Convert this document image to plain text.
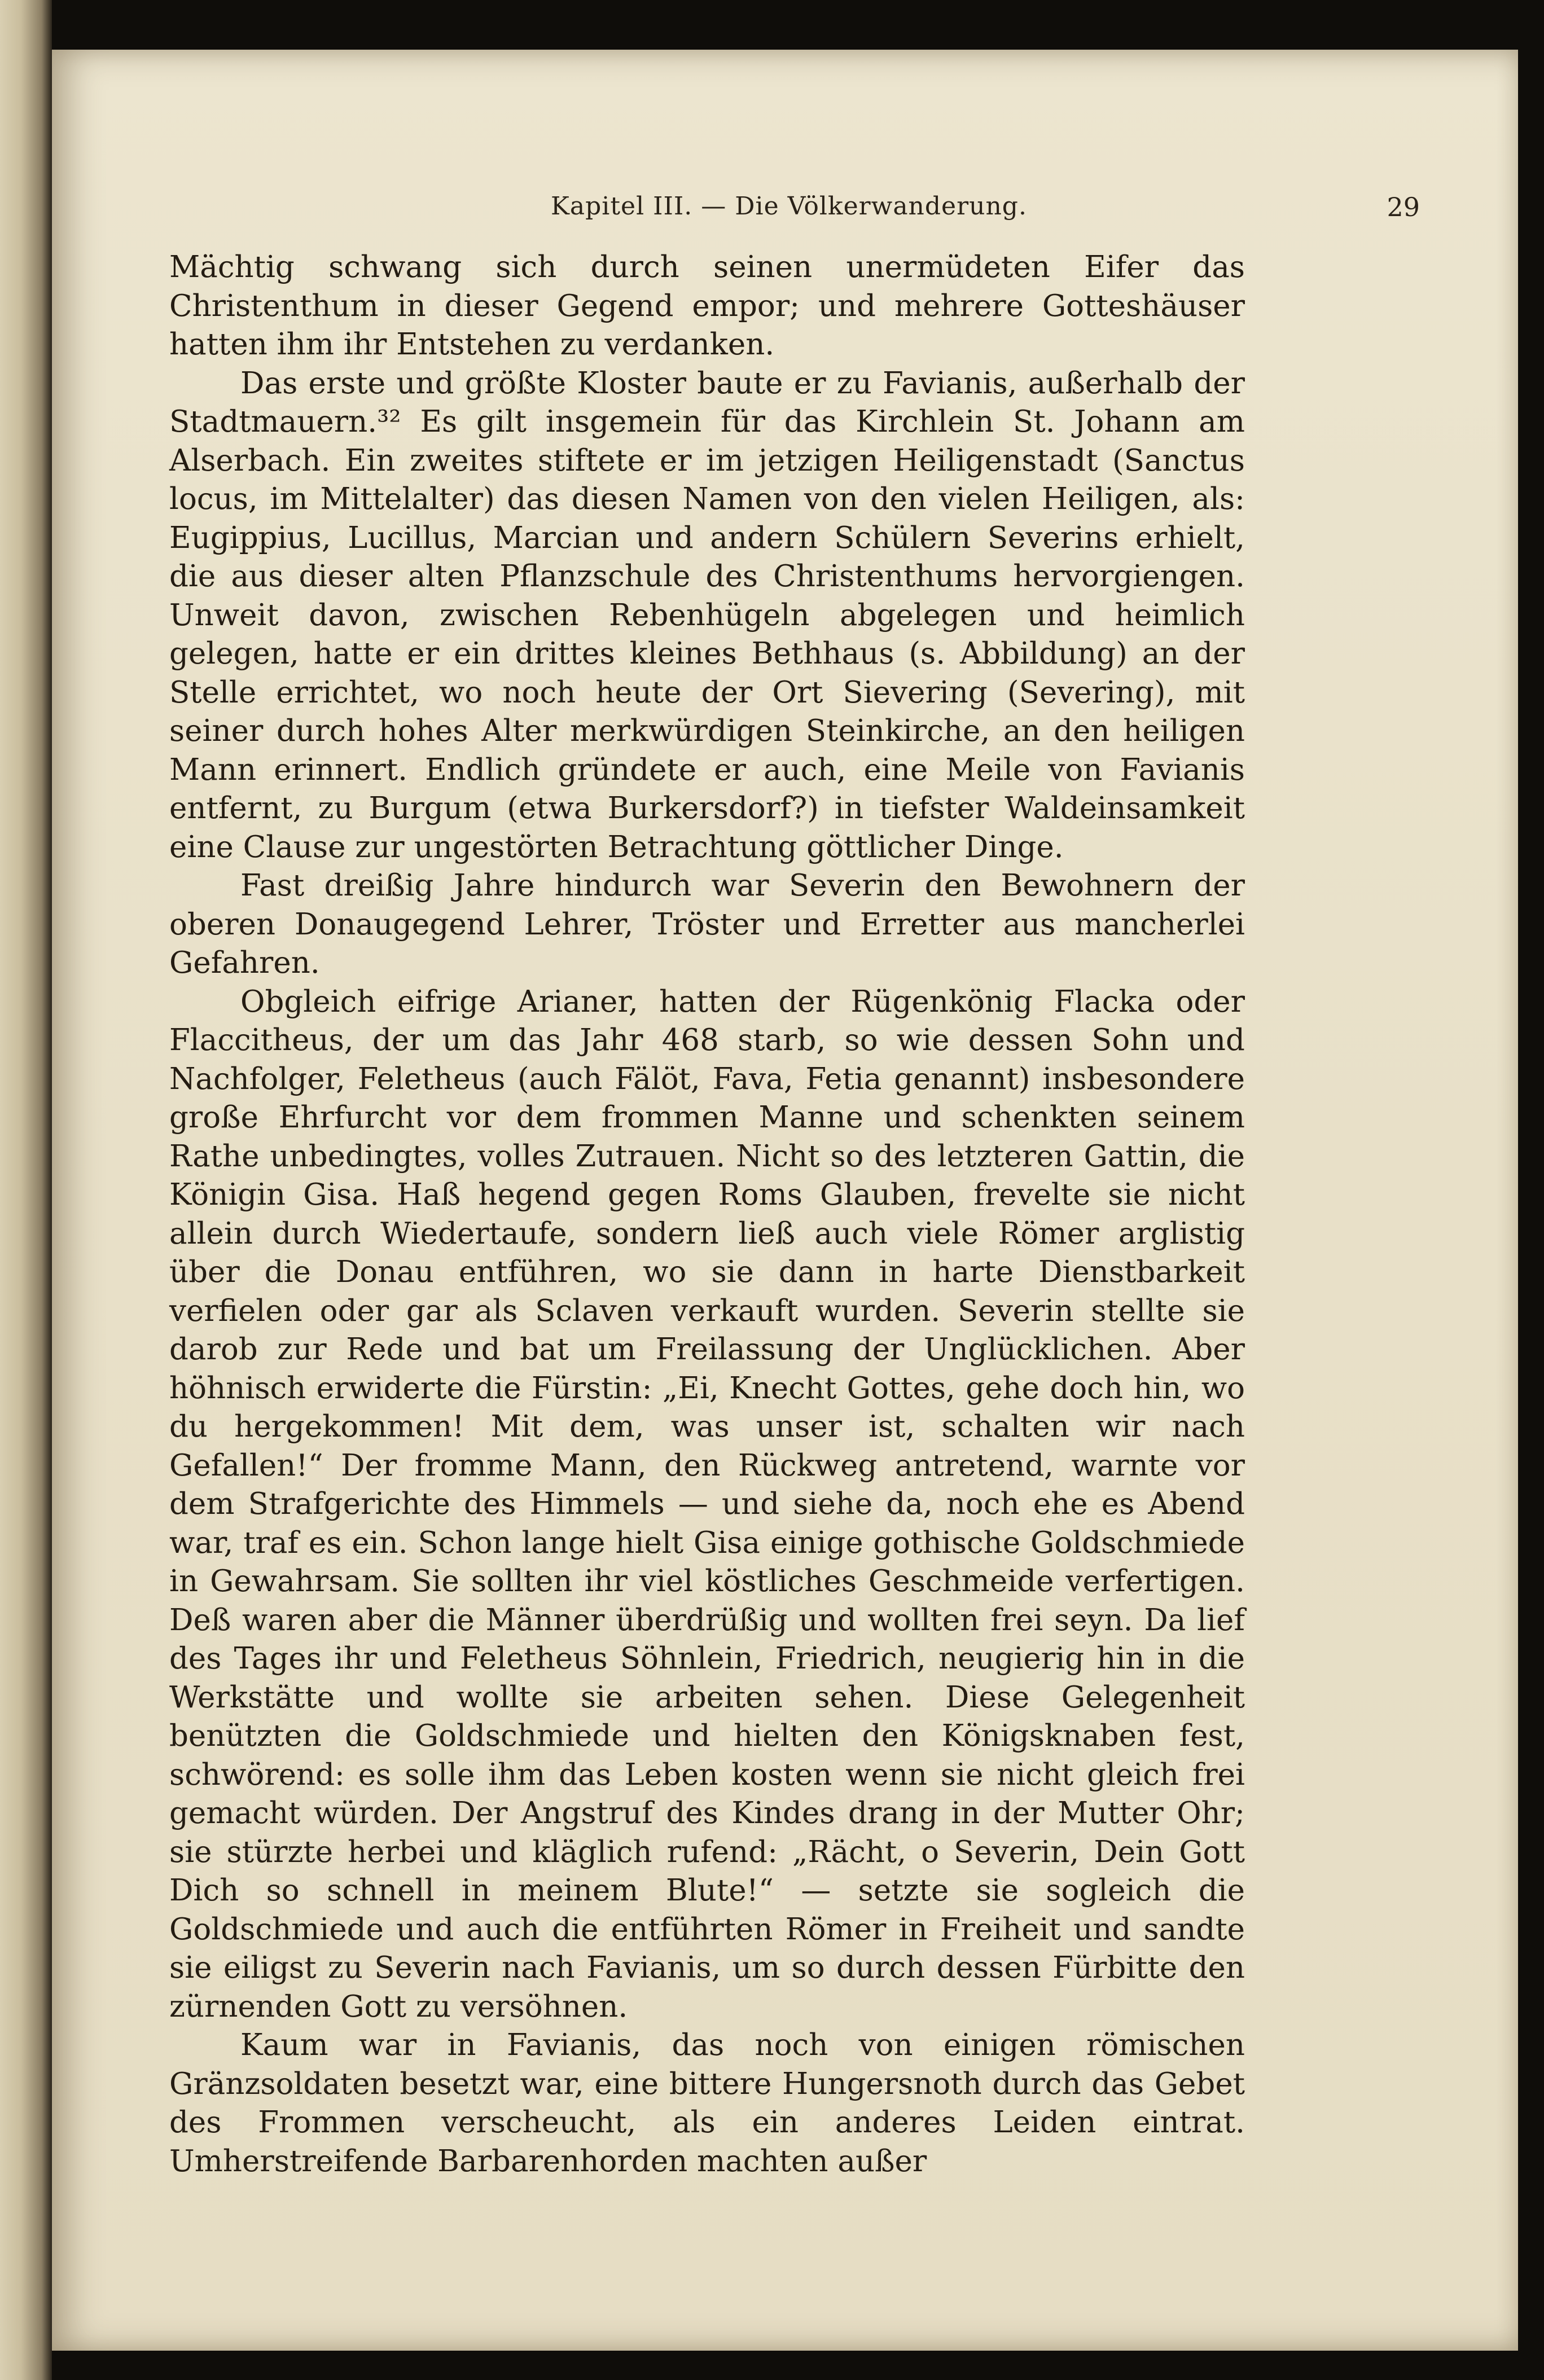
Kapitel III. — Die Völkerwanderung.	29

Mächtig schwang sich durch seinen unermüdeten Eifer das Christenthum in dieser Gegend empor; und mehrere Gotteshäuser hatten ihm ihr Entstehen zu verdanken.

Das erste und größte Kloster baute er zu Favianis, außerhalb der Stadtmauern.³² Es gilt insgemein für das Kirchlein St. Johann am Alserbach. Ein zweites stiftete er im jetzigen Heiligenstadt (Sanctus locus, im Mittelalter) das diesen Namen von den vielen Heiligen, als: Eugippius, Lucillus, Marcian und andern Schülern Severins erhielt, die aus dieser alten Pflanzschule des Christenthums hervorgiengen. Unweit davon, zwischen Rebenhügeln abgelegen und heimlich gelegen, hatte er ein drittes kleines Bethhaus (s. Abbildung) an der Stelle errichtet, wo noch heute der Ort Sievering (Severing), mit seiner durch hohes Alter merkwürdigen Steinkirche, an den heiligen Mann erinnert. Endlich gründete er auch, eine Meile von Favianis entfernt, zu Burgum (etwa Burkersdorf?) in tiefster Waldeinsamkeit eine Clause zur ungestörten Betrachtung göttlicher Dinge.

Fast dreißig Jahre hindurch war Severin den Bewohnern der oberen Donaugegend Lehrer, Tröster und Erretter aus mancherlei Gefahren.

Obgleich eifrige Arianer, hatten der Rügenkönig Flacka oder Flaccitheus, der um das Jahr 468 starb, so wie dessen Sohn und Nachfolger, Feletheus (auch Fälöt, Fava, Fetia genannt) insbesondere große Ehrfurcht vor dem frommen Manne und schenkten seinem Rathe unbedingtes, volles Zutrauen. Nicht so des letzteren Gattin, die Königin Gisa. Haß hegend gegen Roms Glauben, frevelte sie nicht allein durch Wiedertaufe, sondern ließ auch viele Römer arglistig über die Donau entführen, wo sie dann in harte Dienstbarkeit verfielen oder gar als Sclaven verkauft wurden. Severin stellte sie darob zur Rede und bat um Freilassung der Unglücklichen. Aber höhnisch erwiderte die Fürstin: „Ei, Knecht Gottes, gehe doch hin, wo du hergekommen! Mit dem, was unser ist, schalten wir nach Gefallen!“ Der fromme Mann, den Rückweg antretend, warnte vor dem Strafgerichte des Himmels — und siehe da, noch ehe es Abend war, traf es ein. Schon lange hielt Gisa einige gothische Goldschmiede in Gewahrsam. Sie sollten ihr viel köstliches Geschmeide verfertigen. Deß waren aber die Männer überdrüßig und wollten frei seyn. Da lief des Tages ihr und Feletheus Söhnlein, Friedrich, neugierig hin in die Werkstätte und wollte sie arbeiten sehen. Diese Gelegenheit benützten die Goldschmiede und hielten den Königsknaben fest, schwörend: es solle ihm das Leben kosten wenn sie nicht gleich frei gemacht würden. Der Angstruf des Kindes drang in der Mutter Ohr; sie stürzte herbei und kläglich rufend: „Rächt, o Severin, Dein Gott Dich so schnell in meinem Blute!“ — setzte sie sogleich die Goldschmiede und auch die entführten Römer in Freiheit und sandte sie eiligst zu Severin nach Favianis, um so durch dessen Fürbitte den zürnenden Gott zu versöhnen.

Kaum war in Favianis, das noch von einigen römischen Gränzsoldaten besetzt war, eine bittere Hungersnoth durch das Gebet des Frommen verscheucht, als ein anderes Leiden eintrat. Umherstreifende Barbarenhorden machten außer
